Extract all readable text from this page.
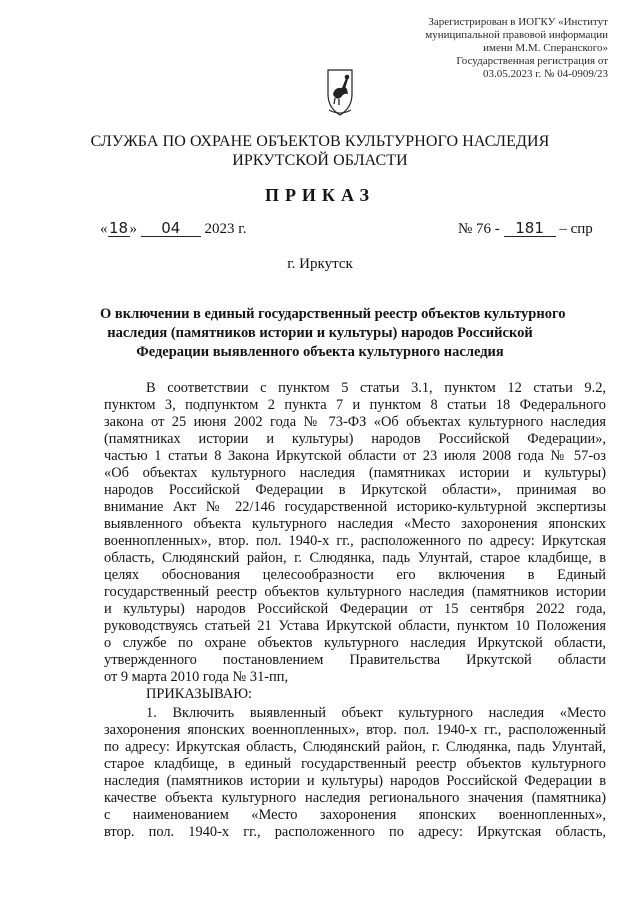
Зарегистрирован в ИОГКУ «Институт
муниципальной правовой информации
имени М.М. Сперанского»
Государственная регистрация от
03.05.2023 г. № 04-0909/23
СЛУЖБА ПО ОХРАНЕ ОБЪЕКТОВ КУЛЬТУРНОГО НАСЛЕДИЯ
ИРКУТСКОЙ ОБЛАСТИ
ПРИКАЗ
«18» 04 2023 г.	№ 76 - 181 – спр
г. Иркутск
О включении в единый государственный реестр объектов культурного
наследия (памятников истории и культуры) народов Российской
Федерации выявленного объекта культурного наследия
В соответствии с пунктом 5 статьи 3.1, пунктом 12 статьи 9.2,
пунктом 3, подпунктом 2 пункта 7 и пунктом 8 статьи 18 Федерального
закона от 25 июня 2002 года № 73-ФЗ «Об объектах культурного наследия
(памятниках истории и культуры) народов Российской Федерации»,
частью 1 статьи 8 Закона Иркутской области от 23 июля 2008 года № 57-оз
«Об объектах культурного наследия (памятниках истории и культуры)
народов Российской Федерации в Иркутской области», принимая во
внимание Акт № 22/146 государственной историко-культурной экспертизы
выявленного объекта культурного наследия «Место захоронения японских
военнопленных», втор. пол. 1940-х гг., расположенного по адресу: Иркутская
область, Слюдянский район, г. Слюдянка, падь Улунтай, старое кладбище, в
целях обоснования целесообразности его включения в Единый
государственный реестр объектов культурного наследия (памятников истории
и культуры) народов Российской Федерации от 15 сентября 2022 года,
руководствуясь статьей 21 Устава Иркутской области, пунктом 10 Положения
о службе по охране объектов культурного наследия Иркутской области,
утвержденного постановлением Правительства Иркутской области
от 9 марта 2010 года № 31-пп,
ПРИКАЗЫВАЮ:
1. Включить выявленный объект культурного наследия «Место
захоронения японских военнопленных», втор. пол. 1940-х гг., расположенный
по адресу: Иркутская область, Слюдянский район, г. Слюдянка, падь Улунтай,
старое кладбище, в единый государственный реестр объектов культурного
наследия (памятников истории и культуры) народов Российской Федерации в
качестве объекта культурного наследия регионального значения (памятника)
с наименованием «Место захоронения японских военнопленных»,
втор. пол. 1940-х гг., расположенного по адресу: Иркутская область,
